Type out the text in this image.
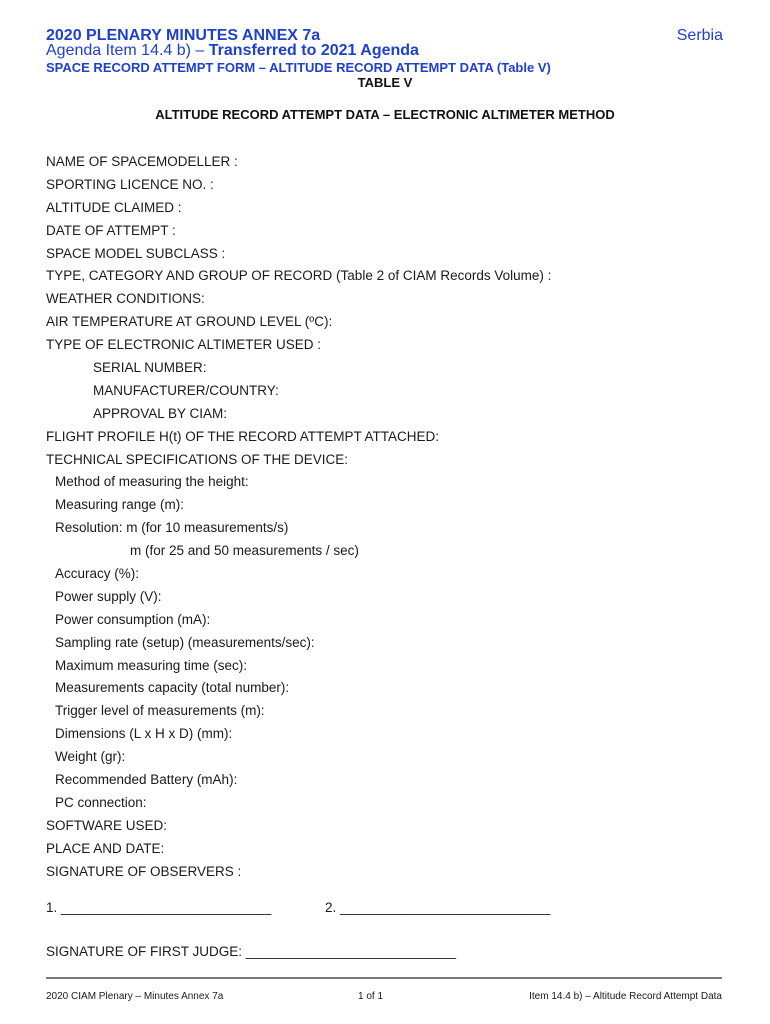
2020 PLENARY MINUTES ANNEX 7a	Serbia
Agenda Item 14.4 b) – Transferred to 2021 Agenda
SPACE RECORD ATTEMPT FORM – ALTITUDE RECORD ATTEMPT DATA (Table V)
TABLE V
ALTITUDE RECORD ATTEMPT DATA – ELECTRONIC ALTIMETER METHOD
NAME OF SPACEMODELLER :
SPORTING LICENCE NO. :
ALTITUDE CLAIMED :
DATE OF ATTEMPT :
SPACE MODEL SUBCLASS :
TYPE, CATEGORY AND GROUP OF RECORD (Table 2 of CIAM Records Volume) :
WEATHER CONDITIONS:
AIR TEMPERATURE AT GROUND LEVEL (ºC):
TYPE OF ELECTRONIC ALTIMETER USED :
SERIAL NUMBER:
MANUFACTURER/COUNTRY:
APPROVAL BY CIAM:
FLIGHT PROFILE H(t) OF THE RECORD ATTEMPT ATTACHED:
TECHNICAL SPECIFICATIONS OF THE DEVICE:
Method of measuring the height:
Measuring range (m):
Resolution: m (for 10 measurements/s)
m (for 25 and 50 measurements / sec)
Accuracy (%):
Power supply (V):
Power consumption (mA):
Sampling rate (setup) (measurements/sec):
Maximum measuring time (sec):
Measurements capacity (total number):
Trigger level of measurements (m):
Dimensions (L x H x D) (mm):
Weight (gr):
Recommended Battery (mAh):
PC connection:
SOFTWARE USED:
PLACE AND DATE:
SIGNATURE OF OBSERVERS :
1. ____________________________	2. ____________________________
SIGNATURE OF FIRST JUDGE: ____________________________
2020 CIAM Plenary – Minutes Annex 7a	1 of 1	Item 14.4 b) – Altitude Record Attempt Data
